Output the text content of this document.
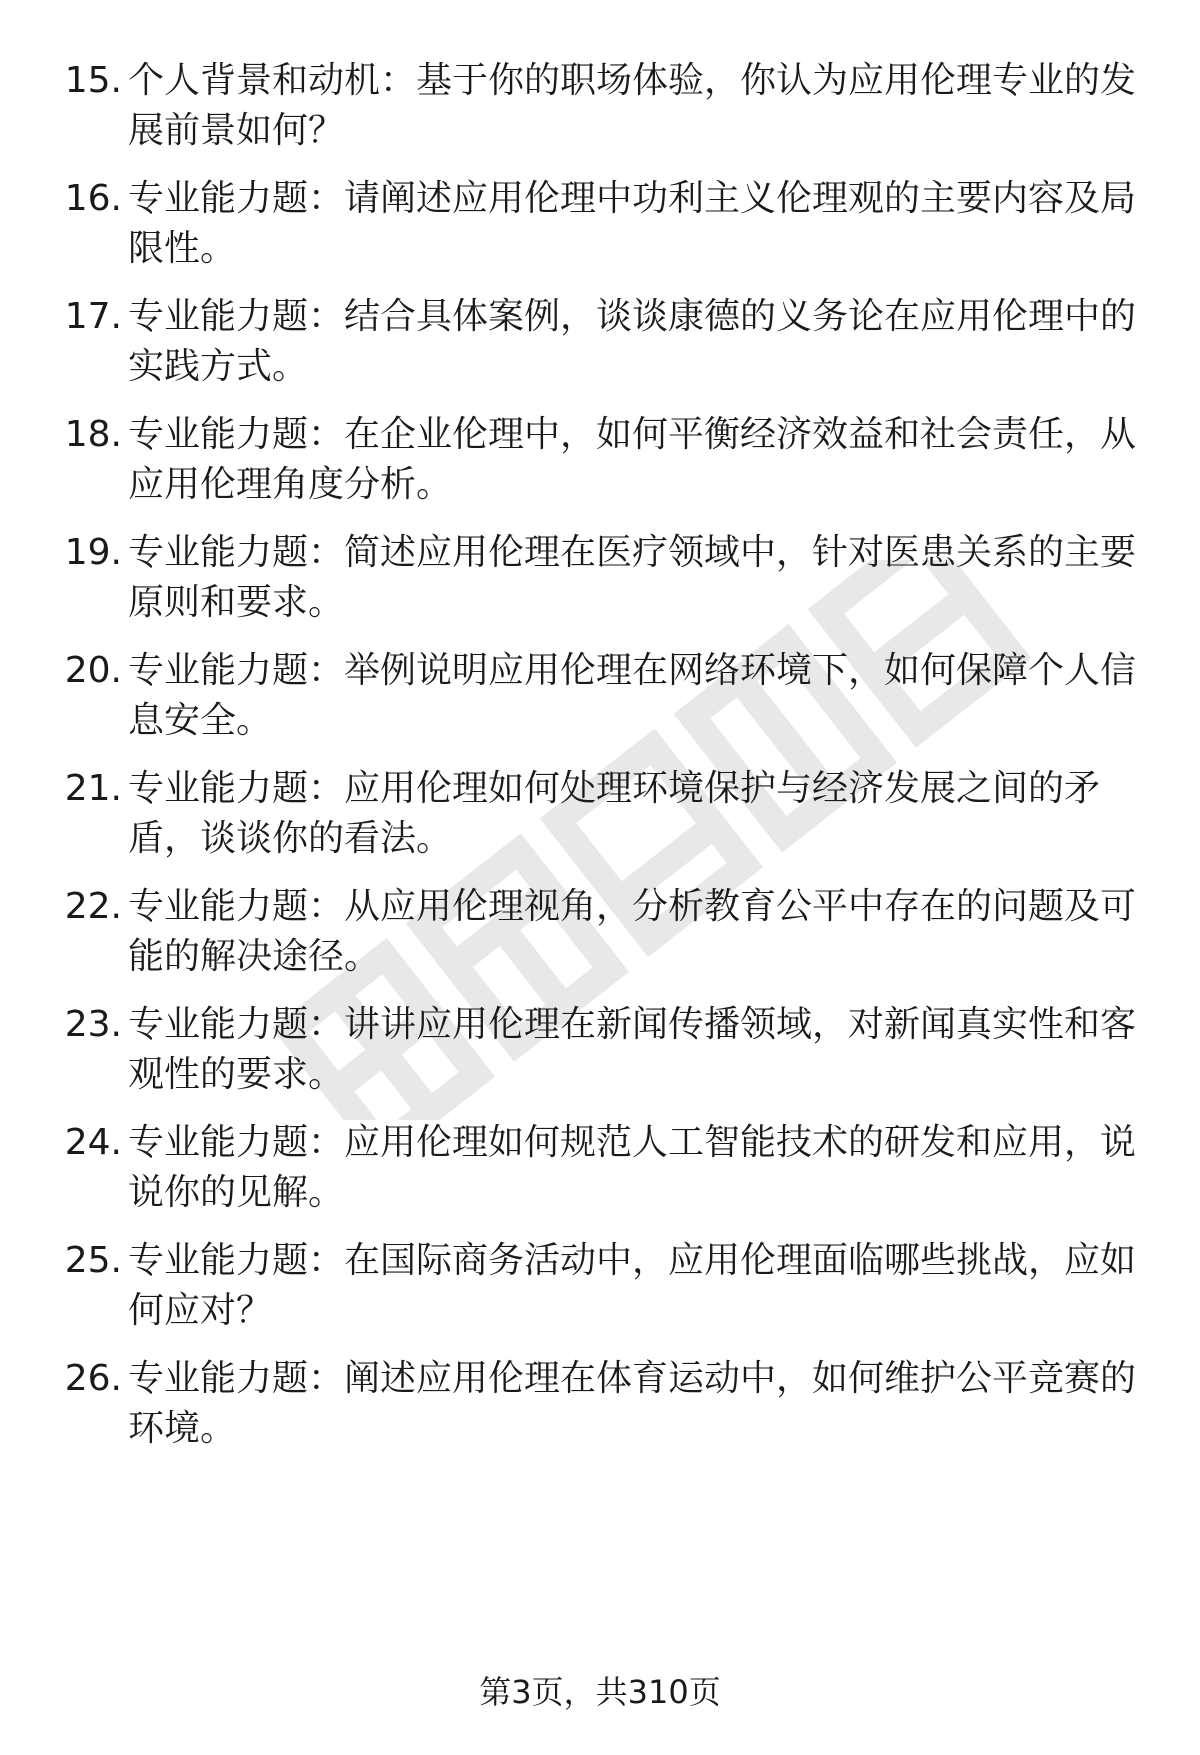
15. 个人背景和动机：基于你的职场体验，你认为应用伦理专业的发展前景如何？
16. 专业能力题：请阐述应用伦理中功利主义伦理观的主要内容及局限性。
17. 专业能力题：结合具体案例，谈谈康德的义务论在应用伦理中的实践方式。
18. 专业能力题：在企业伦理中，如何平衡经济效益和社会责任，从应用伦理角度分析。
19. 专业能力题：简述应用伦理在医疗领域中，针对医患关系的主要原则和要求。
20. 专业能力题：举例说明应用伦理在网络环境下，如何保障个人信息安全。
21. 专业能力题：应用伦理如何处理环境保护与经济发展之间的矛盾，谈谈你的看法。
22. 专业能力题：从应用伦理视角，分析教育公平中存在的问题及可能的解决途径。
23. 专业能力题：讲讲应用伦理在新闻传播领域，对新闻真实性和客观性的要求。
24. 专业能力题：应用伦理如何规范人工智能技术的研发和应用，说说你的见解。
25. 专业能力题：在国际商务活动中，应用伦理面临哪些挑战，应如何应对？
26. 专业能力题：阐述应用伦理在体育运动中，如何维护公平竞赛的环境。
第3页，共310页
